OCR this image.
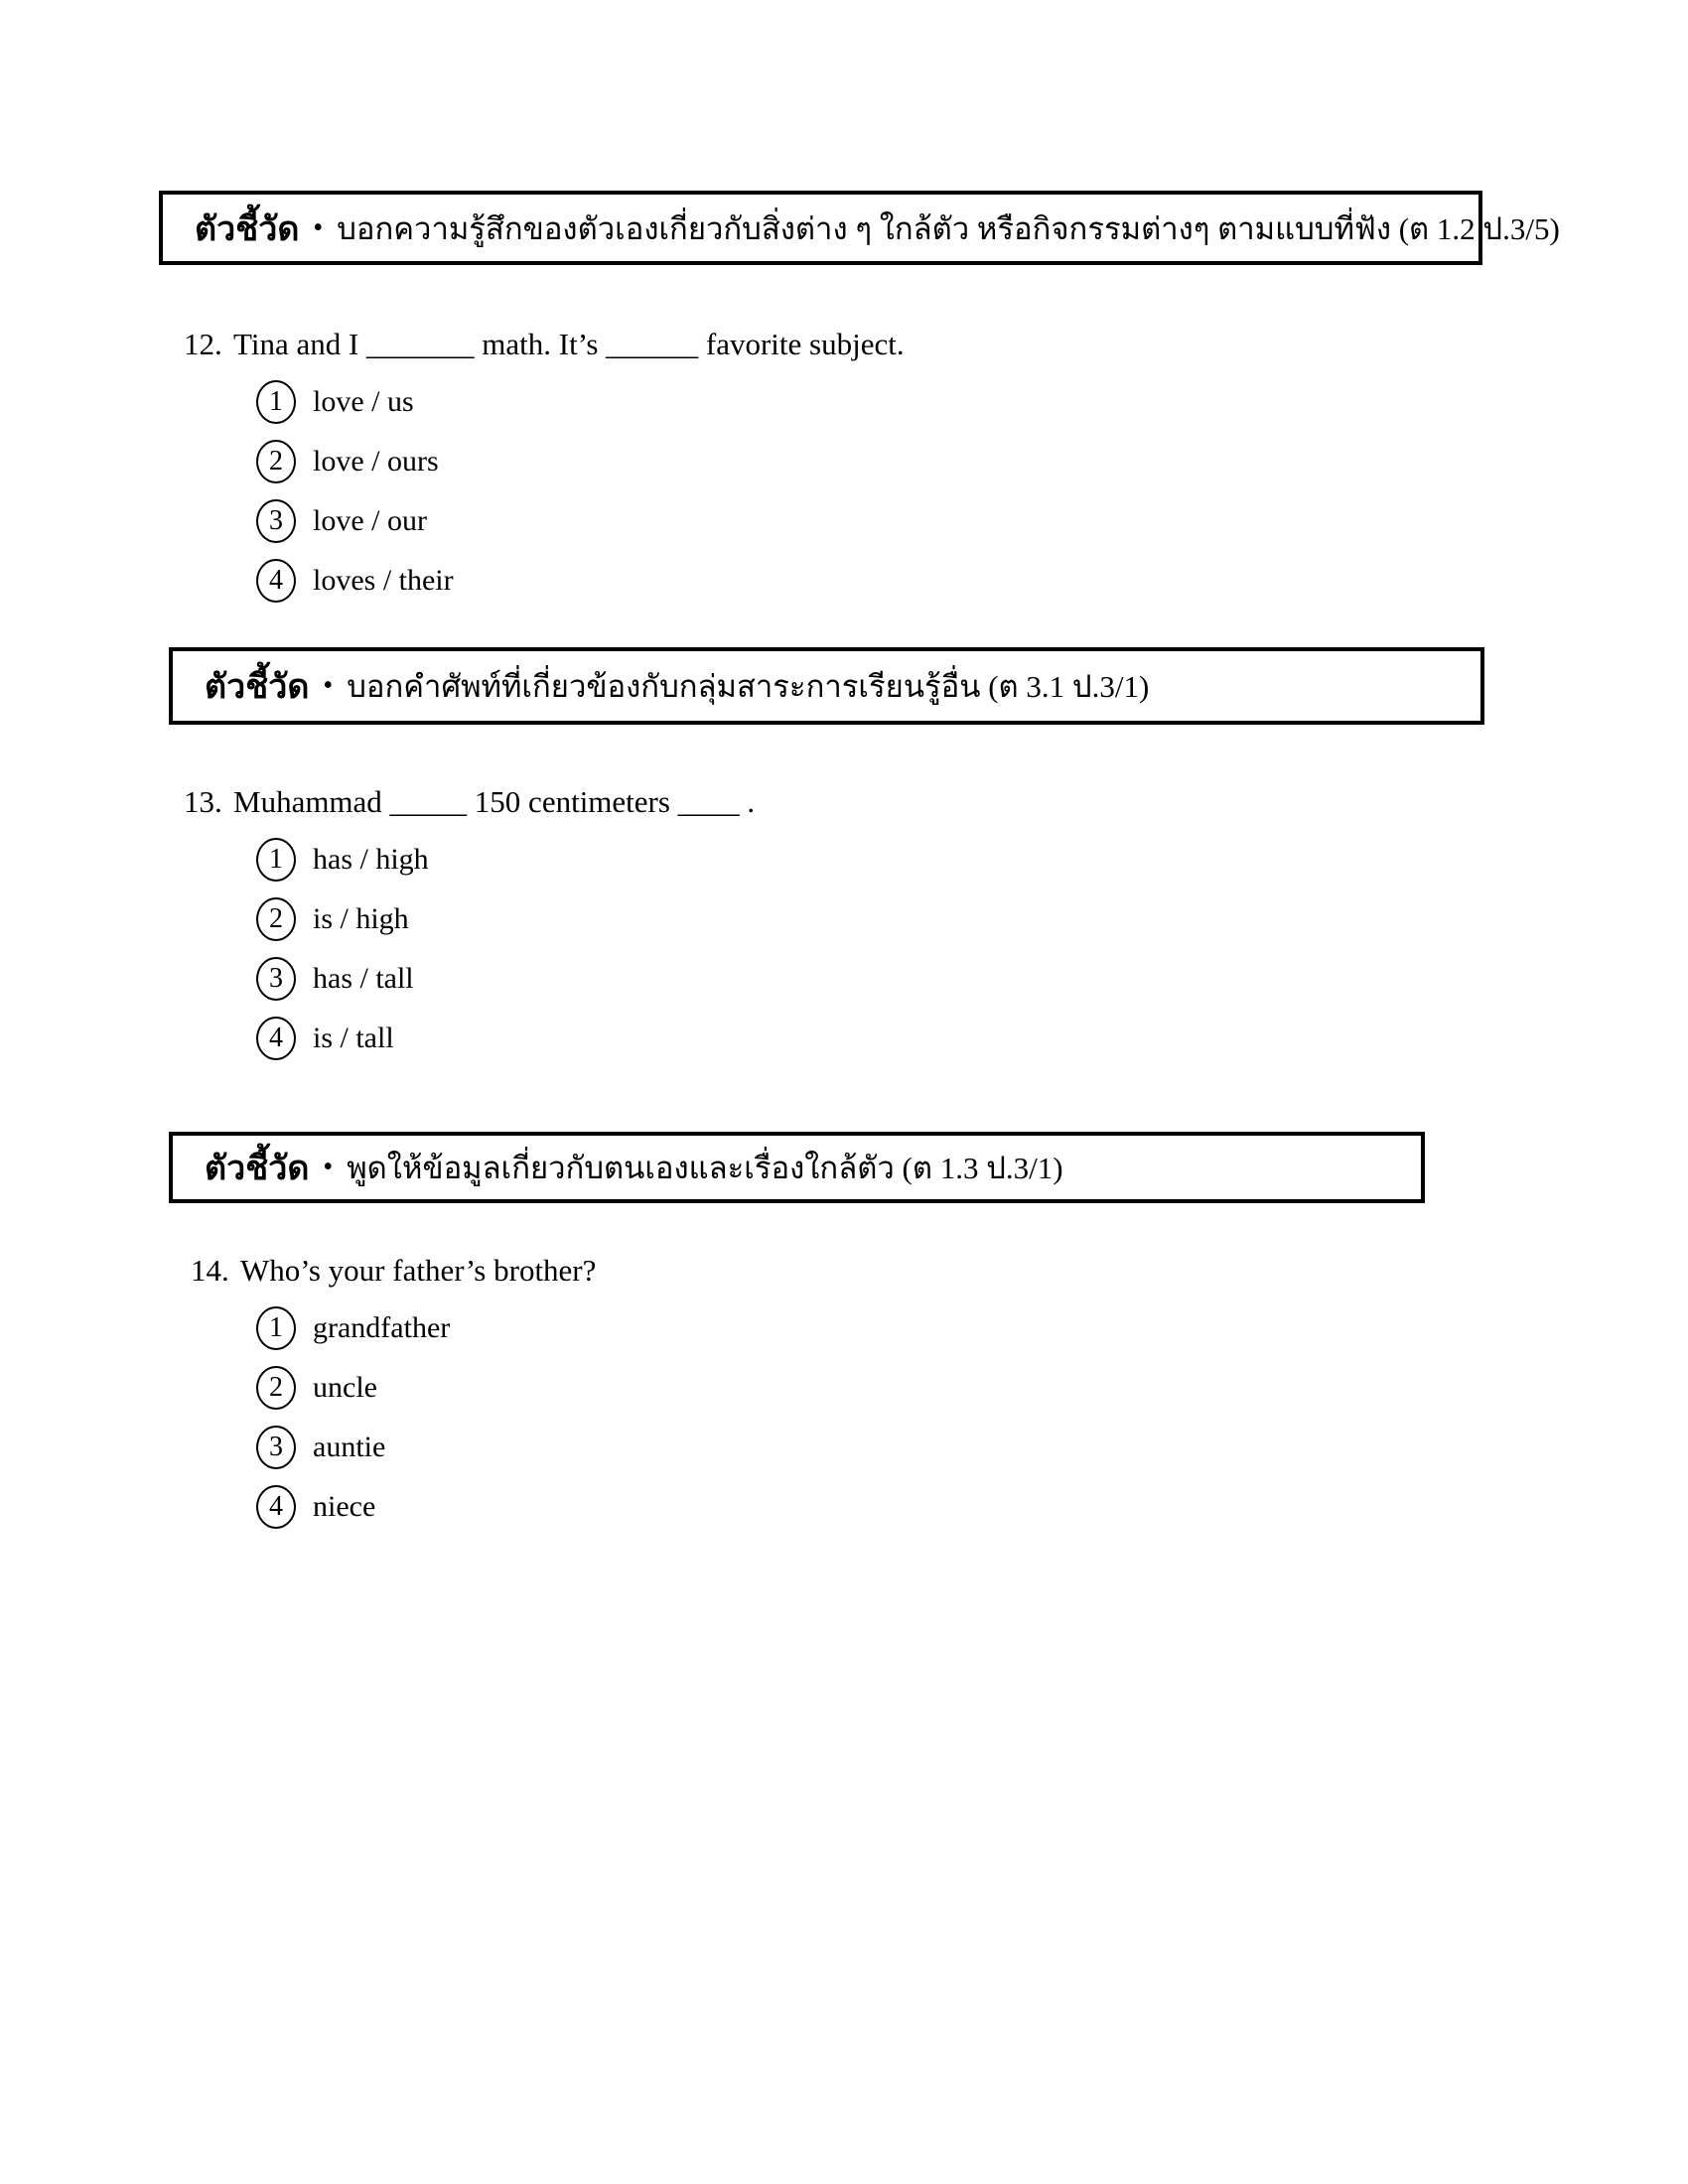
ตัวชี้วัด • บอกความรู้สึกของตัวเองเกี่ยวกับสิ่งต่าง ๆ ใกล้ตัว หรือกิจกรรมต่างๆ ตามแบบที่ฟัง (ต 1.2 ป.3/5)
12. Tina and I _______ math. It’s ______ favorite subject.
1	love / us
2	love / ours
3	love / our
4	loves / their
ตัวชี้วัด • บอกคำศัพท์ที่เกี่ยวข้องกับกลุ่มสาระการเรียนรู้อื่น (ต 3.1 ป.3/1)
13. Muhammad _____ 150 centimeters ____ .
1	has / high
2	is / high
3	has / tall
4	is / tall
ตัวชี้วัด • พูดให้ข้อมูลเกี่ยวกับตนเองและเรื่องใกล้ตัว (ต 1.3 ป.3/1)
14. Who’s your father’s brother?
1	grandfather
2	uncle
3	auntie
4	niece
